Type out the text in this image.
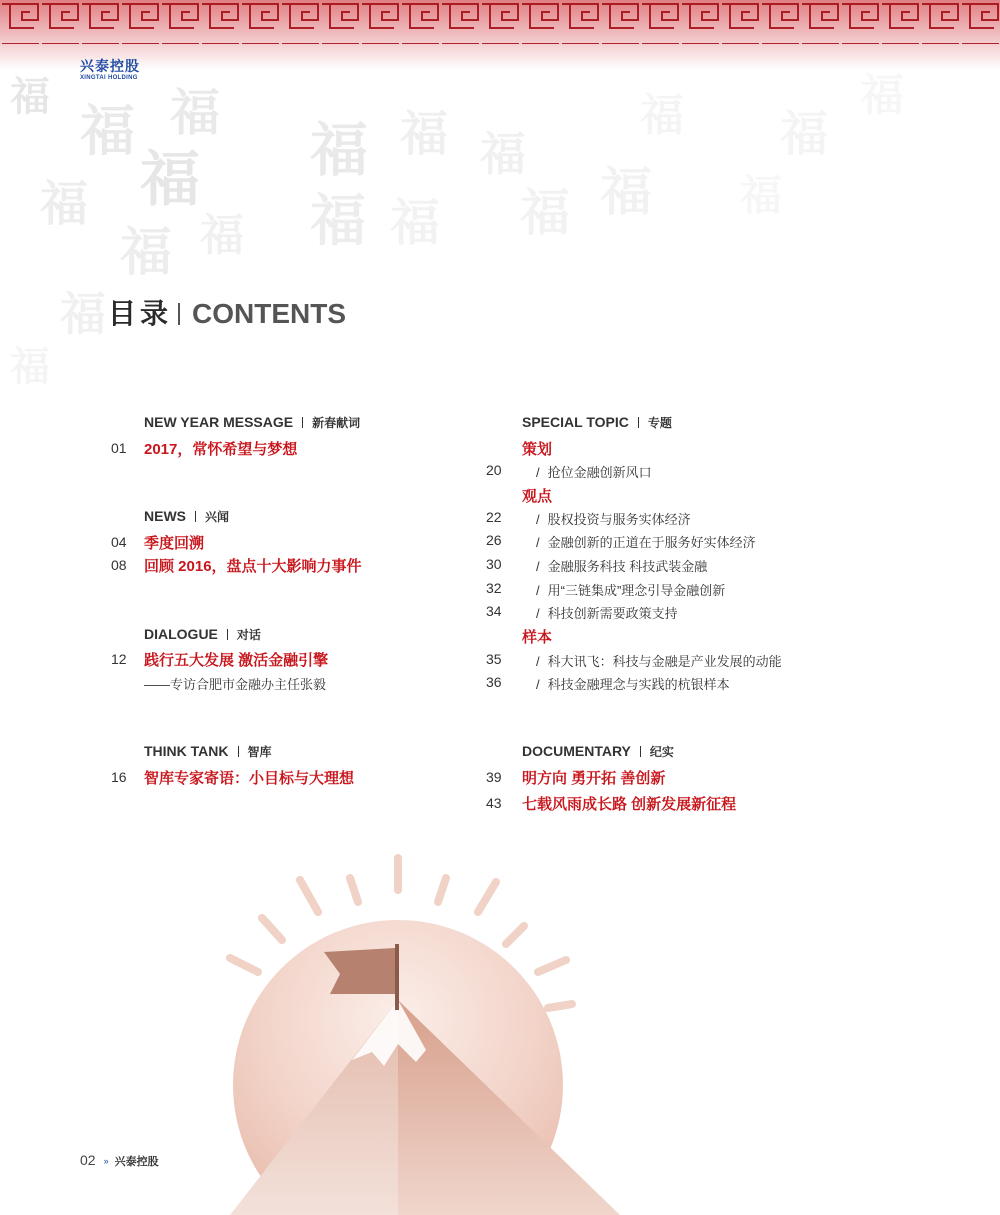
福
福
福
福
福
福
福
福
福
福
福
福
福
福 福
福 福
福
福
福
兴泰控股
XINGTAI HOLDING
目录 CONTENTS
NEW YEAR MESSAGE 新春献词
01 2017，常怀希望与梦想
NEWS 兴闻
04 季度回溯
08 回顾 2016，盘点十大影响力事件
DIALOGUE 对话
12 践行五大发展 激活金融引擎
——专访合肥市金融办主任张毅
THINK TANK 智库
16 智库专家寄语：小目标与大理想
SPECIAL TOPIC 专题
策划
20	/ 抢位金融创新风口
观点
22	/ 股权投资与服务实体经济
26	/ 金融创新的正道在于服务好实体经济
30	/ 金融服务科技 科技武装金融
32	/ 用“三链集成”理念引导金融创新
34	/ 科技创新需要政策支持
样本
35	/ 科大讯飞：科技与金融是产业发展的动能
36	/ 科技金融理念与实践的杭银样本
DOCUMENTARY 纪实
39 明方向 勇开拓 善创新
43 七载风雨成长路 创新发展新征程
02 » 兴泰控股
